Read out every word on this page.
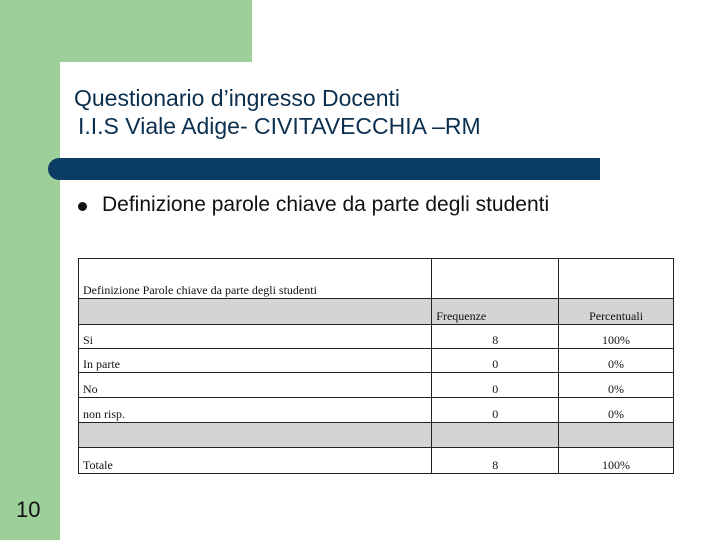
Questionario d’ingresso Docenti
I.I.S Viale Adige- CIVITAVECCHIA –RM
Definizione parole chiave da parte degli studenti
Definizione Parole chiave da parte degli studenti		
	Frequenze	Percentuali
Si	8	100%
In parte	0	0%
No	0	0%
non risp.	0	0%

Totale	8	100%
10
